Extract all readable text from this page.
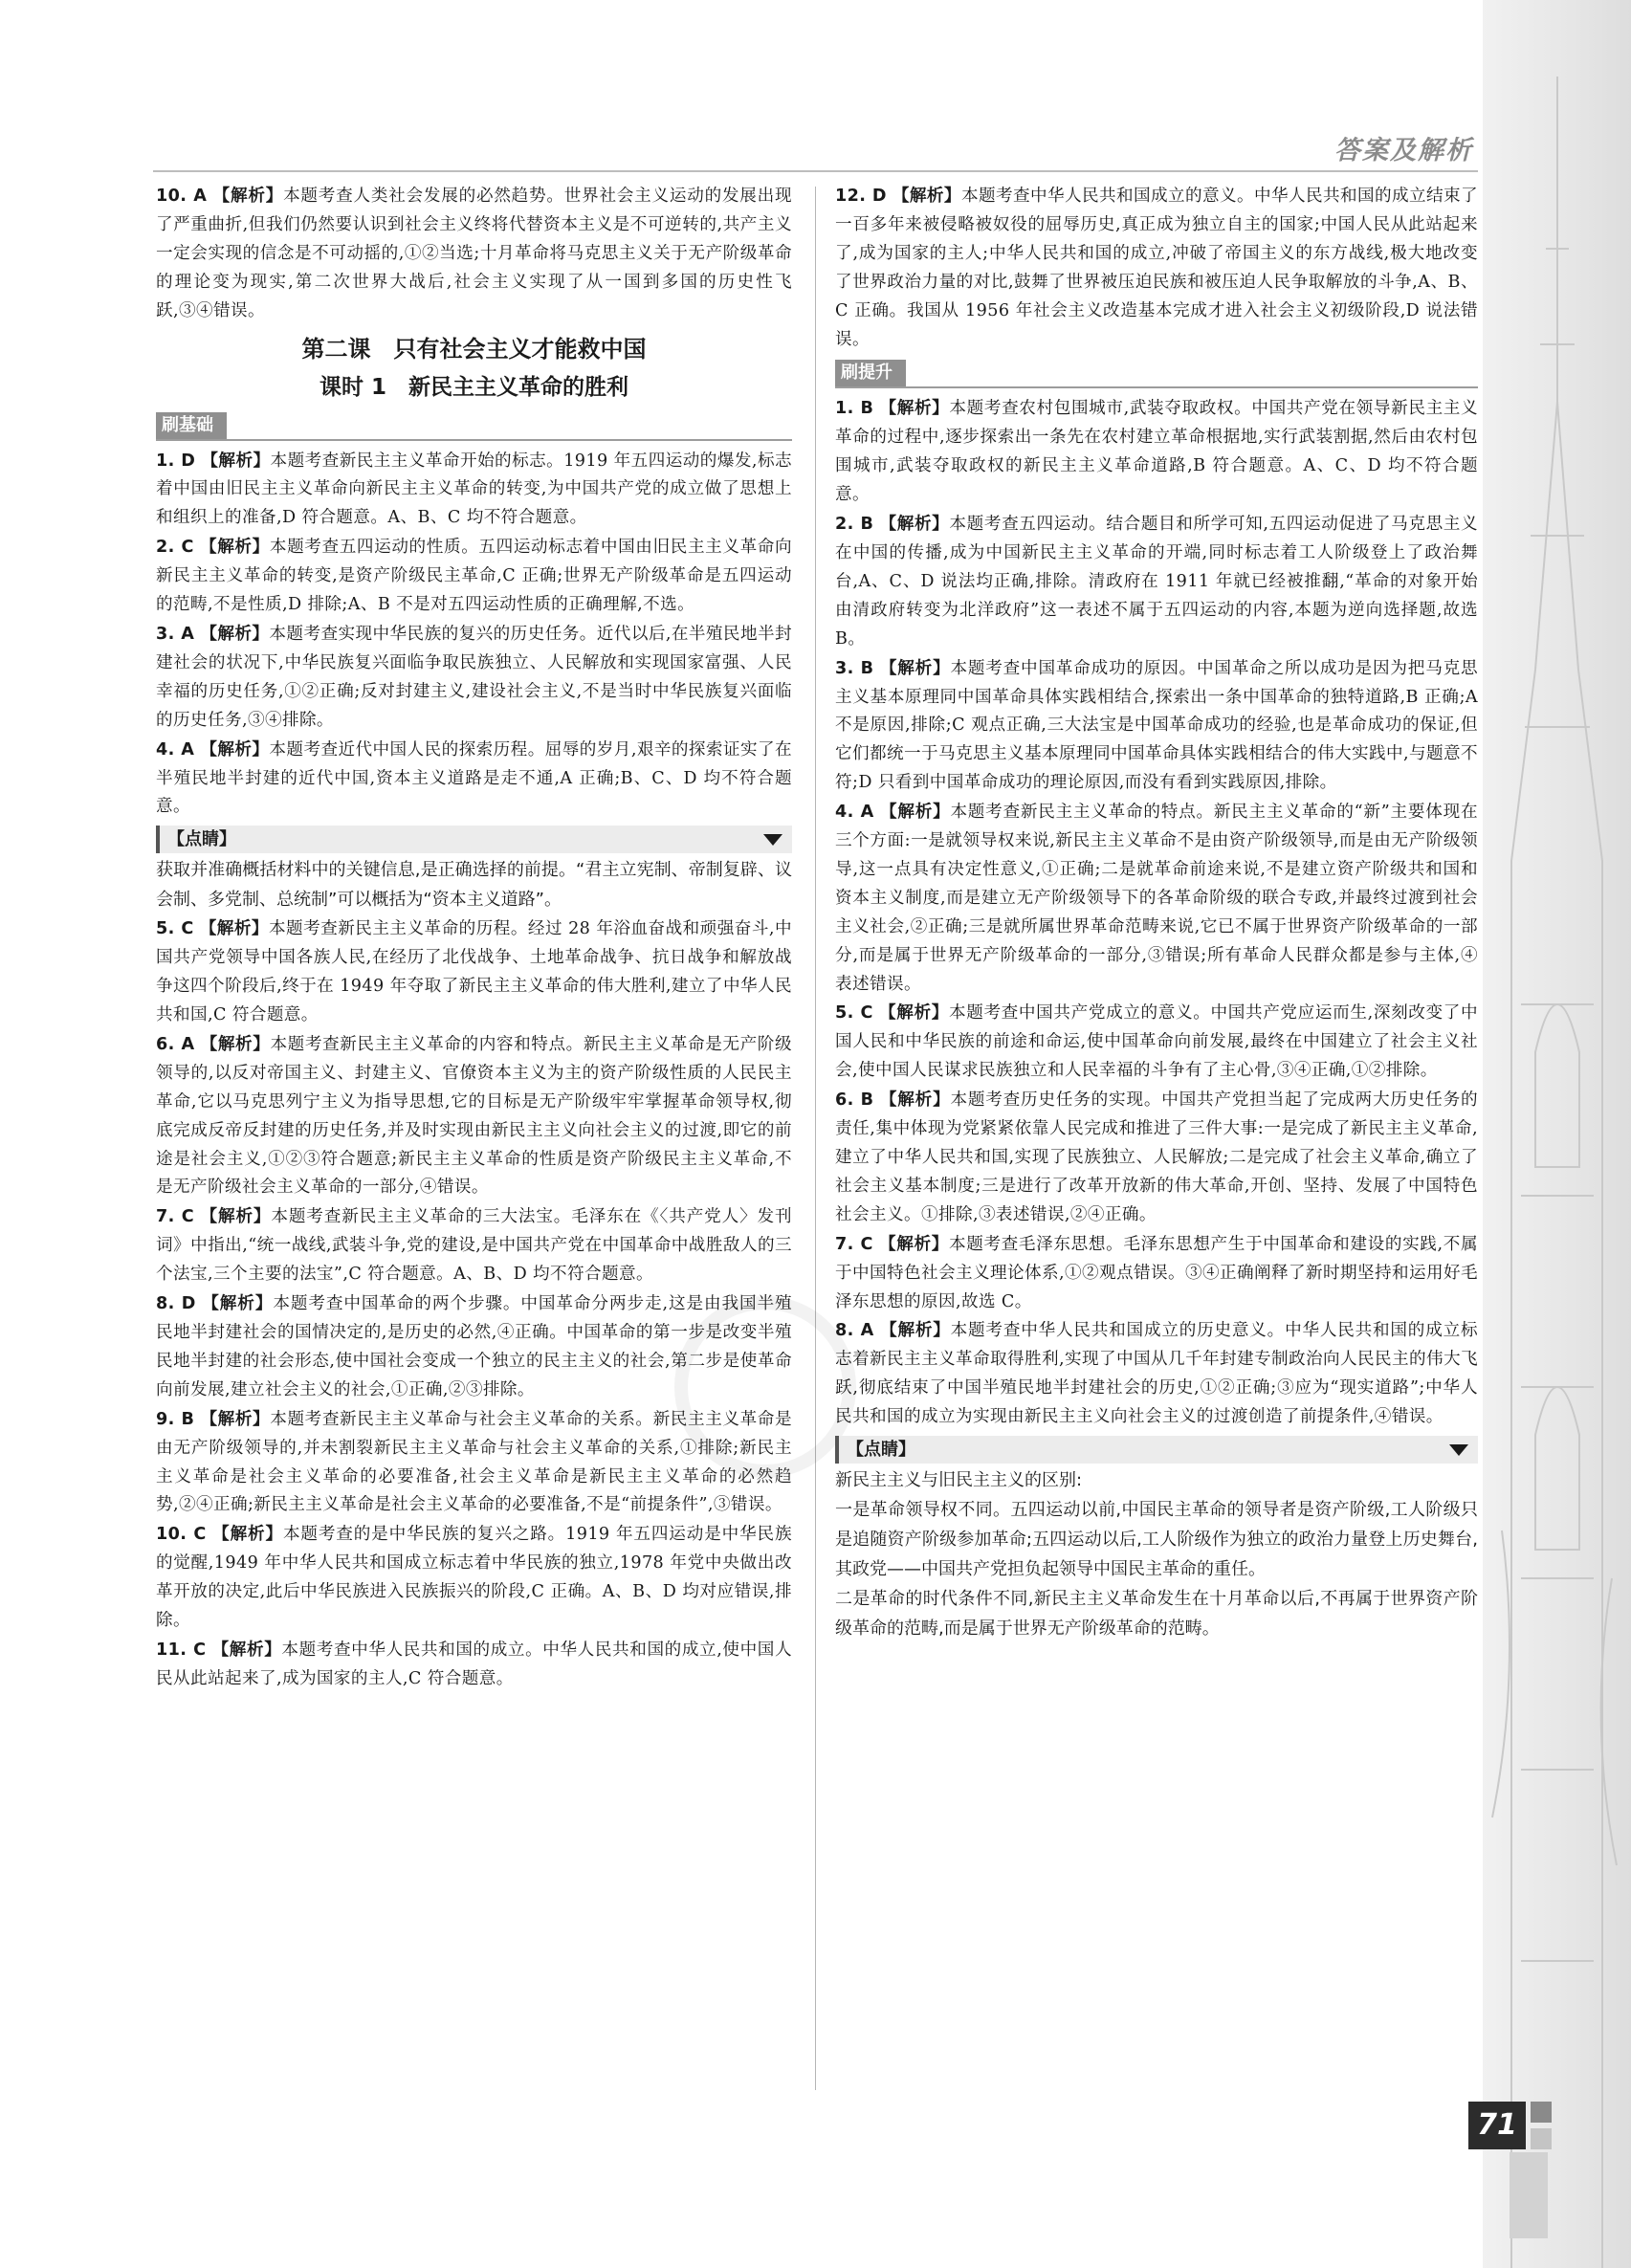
答案及解析

10. A 【解析】本题考查人类社会发展的必然趋势。世界社会主义运动的发展出现了严重曲折,但我们仍然要认识到社会主义终将代替资本主义是不可逆转的,共产主义一定会实现的信念是不可动摇的,①②当选;十月革命将马克思主义关于无产阶级革命的理论变为现实,第二次世界大战后,社会主义实现了从一国到多国的历史性飞跃,③④错误。

第二课　只有社会主义才能救中国
课时 1　新民主主义革命的胜利
刷基础

1. D 【解析】本题考查新民主主义革命开始的标志。1919 年五四运动的爆发,标志着中国由旧民主主义革命向新民主主义革命的转变,为中国共产党的成立做了思想上和组织上的准备,D 符合题意。A、B、C 均不符合题意。

2. C 【解析】本题考查五四运动的性质。五四运动标志着中国由旧民主主义革命向新民主主义革命的转变,是资产阶级民主革命,C 正确;世界无产阶级革命是五四运动的范畴,不是性质,D 排除;A、B 不是对五四运动性质的正确理解,不选。

3. A 【解析】本题考查实现中华民族的复兴的历史任务。近代以后,在半殖民地半封建社会的状况下,中华民族复兴面临争取民族独立、人民解放和实现国家富强、人民幸福的历史任务,①②正确;反对封建主义,建设社会主义,不是当时中华民族复兴面临的历史任务,③④排除。

4. A 【解析】本题考查近代中国人民的探索历程。屈辱的岁月,艰辛的探索证实了在半殖民地半封建的近代中国,资本主义道路是走不通,A 正确;B、C、D 均不符合题意。

【点睛】

获取并准确概括材料中的关键信息,是正确选择的前提。“君主立宪制、帝制复辟、议会制、多党制、总统制”可以概括为“资本主义道路”。

5. C 【解析】本题考查新民主主义革命的历程。经过 28 年浴血奋战和顽强奋斗,中国共产党领导中国各族人民,在经历了北伐战争、土地革命战争、抗日战争和解放战争这四个阶段后,终于在 1949 年夺取了新民主主义革命的伟大胜利,建立了中华人民共和国,C 符合题意。

6. A 【解析】本题考查新民主主义革命的内容和特点。新民主主义革命是无产阶级领导的,以反对帝国主义、封建主义、官僚资本主义为主的资产阶级性质的人民民主革命,它以马克思列宁主义为指导思想,它的目标是无产阶级牢牢掌握革命领导权,彻底完成反帝反封建的历史任务,并及时实现由新民主主义向社会主义的过渡,即它的前途是社会主义,①②③符合题意;新民主主义革命的性质是资产阶级民主主义革命,不是无产阶级社会主义革命的一部分,④错误。

7. C 【解析】本题考查新民主主义革命的三大法宝。毛泽东在《〈共产党人〉发刊词》中指出,“统一战线,武装斗争,党的建设,是中国共产党在中国革命中战胜敌人的三个法宝,三个主要的法宝”,C 符合题意。A、B、D 均不符合题意。

8. D 【解析】本题考查中国革命的两个步骤。中国革命分两步走,这是由我国半殖民地半封建社会的国情决定的,是历史的必然,④正确。中国革命的第一步是改变半殖民地半封建的社会形态,使中国社会变成一个独立的民主主义的社会,第二步是使革命向前发展,建立社会主义的社会,①正确,②③排除。

9. B 【解析】本题考查新民主主义革命与社会主义革命的关系。新民主主义革命是由无产阶级领导的,并未割裂新民主主义革命与社会主义革命的关系,①排除;新民主主义革命是社会主义革命的必要准备,社会主义革命是新民主主义革命的必然趋势,②④正确;新民主主义革命是社会主义革命的必要准备,不是“前提条件”,③错误。

10. C 【解析】本题考查的是中华民族的复兴之路。1919 年五四运动是中华民族的觉醒,1949 年中华人民共和国成立标志着中华民族的独立,1978 年党中央做出改革开放的决定,此后中华民族进入民族振兴的阶段,C 正确。A、B、D 均对应错误,排除。

11. C 【解析】本题考查中华人民共和国的成立。中华人民共和国的成立,使中国人民从此站起来了,成为国家的主人,C 符合题意。

12. D 【解析】本题考查中华人民共和国成立的意义。中华人民共和国的成立结束了一百多年来被侵略被奴役的屈辱历史,真正成为独立自主的国家;中国人民从此站起来了,成为国家的主人;中华人民共和国的成立,冲破了帝国主义的东方战线,极大地改变了世界政治力量的对比,鼓舞了世界被压迫民族和被压迫人民争取解放的斗争,A、B、C 正确。我国从 1956 年社会主义改造基本完成才进入社会主义初级阶段,D 说法错误。

刷提升

1. B 【解析】本题考查农村包围城市,武装夺取政权。中国共产党在领导新民主主义革命的过程中,逐步探索出一条先在农村建立革命根据地,实行武装割据,然后由农村包围城市,武装夺取政权的新民主主义革命道路,B 符合题意。A、C、D 均不符合题意。

2. B 【解析】本题考查五四运动。结合题目和所学可知,五四运动促进了马克思主义在中国的传播,成为中国新民主主义革命的开端,同时标志着工人阶级登上了政治舞台,A、C、D 说法均正确,排除。清政府在 1911 年就已经被推翻,“革命的对象开始由清政府转变为北洋政府”这一表述不属于五四运动的内容,本题为逆向选择题,故选 B。

3. B 【解析】本题考查中国革命成功的原因。中国革命之所以成功是因为把马克思主义基本原理同中国革命具体实践相结合,探索出一条中国革命的独特道路,B 正确;A 不是原因,排除;C 观点正确,三大法宝是中国革命成功的经验,也是革命成功的保证,但它们都统一于马克思主义基本原理同中国革命具体实践相结合的伟大实践中,与题意不符;D 只看到中国革命成功的理论原因,而没有看到实践原因,排除。

4. A 【解析】本题考查新民主主义革命的特点。新民主主义革命的“新”主要体现在三个方面:一是就领导权来说,新民主主义革命不是由资产阶级领导,而是由无产阶级领导,这一点具有决定性意义,①正确;二是就革命前途来说,不是建立资产阶级共和国和资本主义制度,而是建立无产阶级领导下的各革命阶级的联合专政,并最终过渡到社会主义社会,②正确;三是就所属世界革命范畴来说,它已不属于世界资产阶级革命的一部分,而是属于世界无产阶级革命的一部分,③错误;所有革命人民群众都是参与主体,④表述错误。

5. C 【解析】本题考查中国共产党成立的意义。中国共产党应运而生,深刻改变了中国人民和中华民族的前途和命运,使中国革命向前发展,最终在中国建立了社会主义社会,使中国人民谋求民族独立和人民幸福的斗争有了主心骨,③④正确,①②排除。

6. B 【解析】本题考查历史任务的实现。中国共产党担当起了完成两大历史任务的责任,集中体现为党紧紧依靠人民完成和推进了三件大事:一是完成了新民主主义革命,建立了中华人民共和国,实现了民族独立、人民解放;二是完成了社会主义革命,确立了社会主义基本制度;三是进行了改革开放新的伟大革命,开创、坚持、发展了中国特色社会主义。①排除,③表述错误,②④正确。

7. C 【解析】本题考查毛泽东思想。毛泽东思想产生于中国革命和建设的实践,不属于中国特色社会主义理论体系,①②观点错误。③④正确阐释了新时期坚持和运用好毛泽东思想的原因,故选 C。

8. A 【解析】本题考查中华人民共和国成立的历史意义。中华人民共和国的成立标志着新民主主义革命取得胜利,实现了中国从几千年封建专制政治向人民民主的伟大飞跃,彻底结束了中国半殖民地半封建社会的历史,①②正确;③应为“现实道路”;中华人民共和国的成立为实现由新民主主义向社会主义的过渡创造了前提条件,④错误。

【点睛】

新民主主义与旧民主主义的区别:

一是革命领导权不同。五四运动以前,中国民主革命的领导者是资产阶级,工人阶级只是追随资产阶级参加革命;五四运动以后,工人阶级作为独立的政治力量登上历史舞台,其政党——中国共产党担负起领导中国民主革命的重任。

二是革命的时代条件不同,新民主主义革命发生在十月革命以后,不再属于世界资产阶级革命的范畴,而是属于世界无产阶级革命的范畴。

71
